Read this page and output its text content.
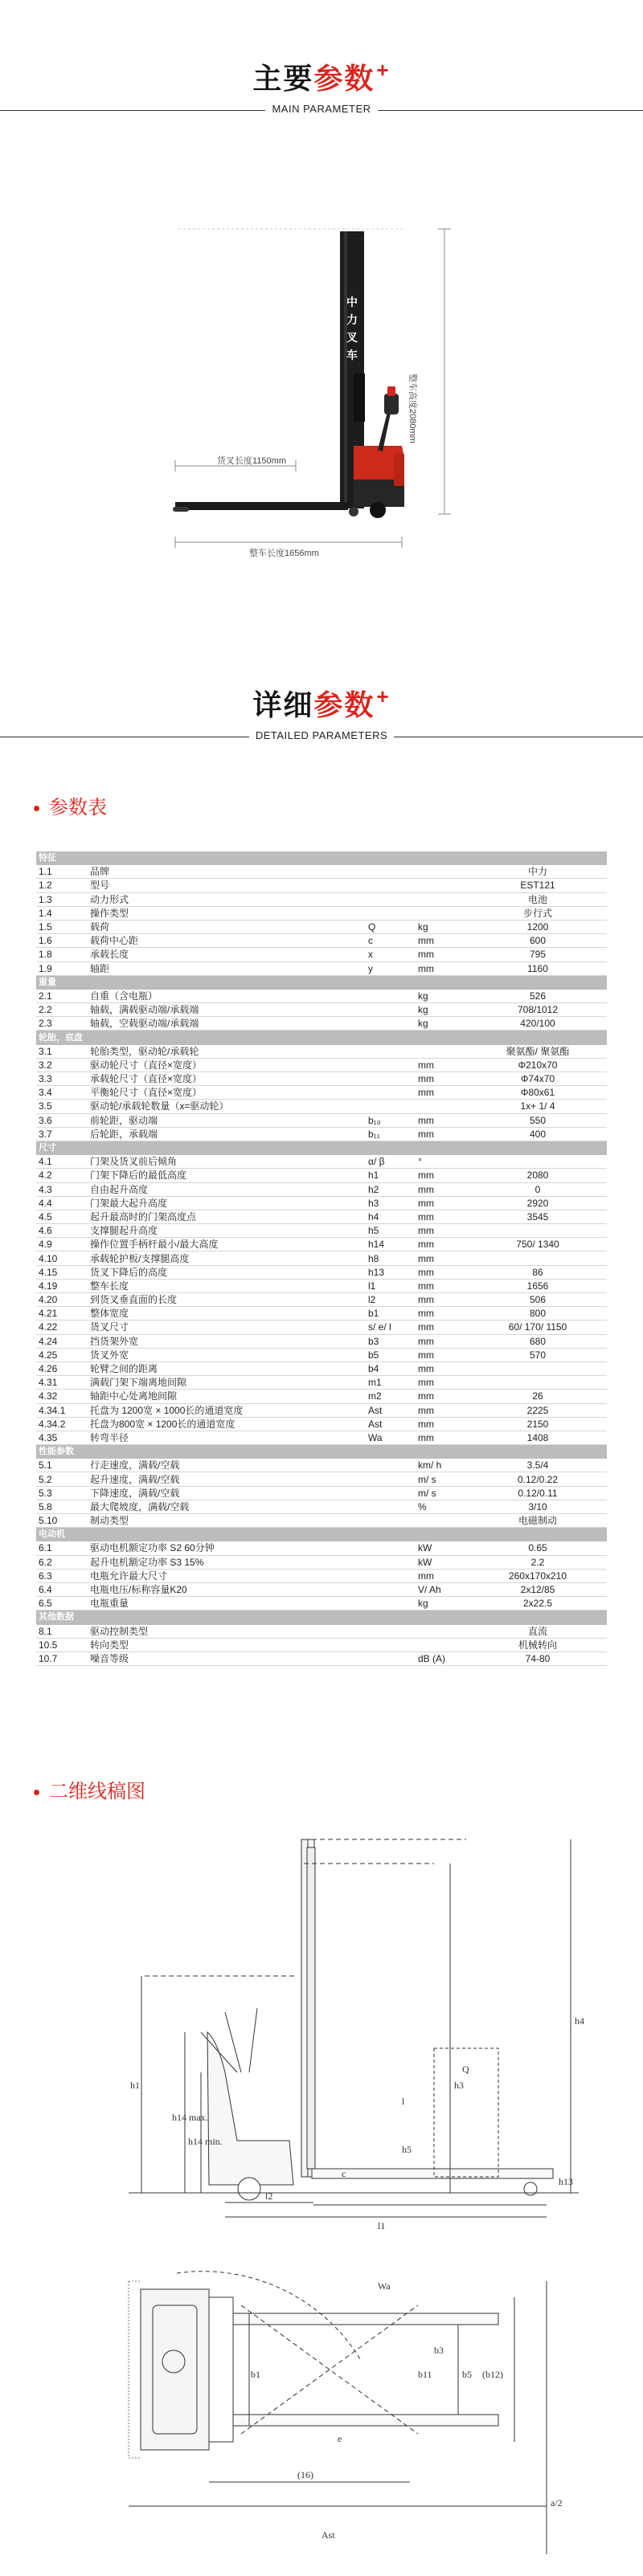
主要参数+
MAIN PARAMETER
中力叉车
货叉长度1150mm
整车长度1656mm
整车高度2080mm
详细参数+
DETAILED PARAMETERS
参数表
特征				
1.1	品牌			中力
1.2	型号			EST121
1.3	动力形式			电池
1.4	操作类型			步行式
1.5	载荷	Q	kg	1200
1.6	载荷中心距	c	mm	600
1.8	承载长度	x	mm	795
1.9	轴距	y	mm	1160
重量				
2.1	自重（含电瓶）		kg	526
2.2	轴载，满载驱动端/承载端		kg	708/1012
2.3	轴载，空载驱动端/承载端		kg	420/100
轮胎，底盘				
3.1	轮胎类型，驱动轮/承载轮			聚氨酯/ 聚氨酯
3.2	驱动轮尺寸（直径×宽度）		mm	Φ210x70
3.3	承载轮尺寸（直径×宽度）		mm	Φ74x70
3.4	平衡轮尺寸（直径×宽度）		mm	Φ80x61
3.5	驱动轮/承载轮数量（x=驱动轮）			1x+ 1/ 4
3.6	前轮距，驱动端	b₁₀	mm	550
3.7	后轮距，承载端	b₁₁	mm	400
尺寸				
4.1	门架及货叉前后倾角	α/ β	°	
4.2	门架下降后的最低高度	h1	mm	2080
4.3	自由起升高度	h2	mm	0
4.4	门架最大起升高度	h3	mm	2920
4.5	起升最高时的门架高度点	h4	mm	3545
4.6	支撑腿起升高度	h5	mm	
4.9	操作位置手柄杆最小/最大高度	h14	mm	750/ 1340
4.10	承载轮护板/支撑腿高度	h8	mm	
4.15	货叉下降后的高度	h13	mm	86
4.19	整车长度	l1	mm	1656
4.20	到货叉垂直面的长度	l2	mm	506
4.21	整体宽度	b1	mm	800
4.22	货叉尺寸	s/ e/ l	mm	60/ 170/ 1150
4.24	挡货架外宽	b3	mm	680
4.25	货叉外宽	b5	mm	570
4.26	轮臂之间的距离	b4	mm	
4.31	满载门架下端离地间隙	m1	mm	
4.32	轴距中心处离地间隙	m2	mm	26
4.34.1	托盘为 1200宽 × 1000长的通道宽度	Ast	mm	2225
4.34.2	托盘为800宽 × 1200长的通道宽度	Ast	mm	2150
4.35	转弯半径	Wa	mm	1408
性能参数				
5.1	行走速度，满载/空载		km/ h	3.5/4
5.2	起升速度，满载/空载		m/ s	0.12/0.22
5.3	下降速度，满载/空载		m/ s	0.12/0.11
5.8	最大爬坡度，满载/空载		%	3/10
5.10	制动类型			电磁制动
电动机				
6.1	驱动电机额定功率 S2 60分钟		kW	0.65
6.2	起升电机额定功率 S3 15%		kW	2.2
6.3	电瓶允许最大尺寸		mm	260x170x210
6.4	电瓶电压/标称容量K20		V/ Ah	2x12/85
6.5	电瓶重量		kg	2x22.5
其他数据				
8.1	驱动控制类型			直流
10.5	转向类型			机械转向
10.7	噪音等级		dB (A)	74-80
二维线稿图
h1
h14 max.
h14 min.
h3
h4
h5
h13
l2
l1
l
c
Q
b1
b3
b5
b11	(b12)
Wa
Ast
e
(16)
a/2
